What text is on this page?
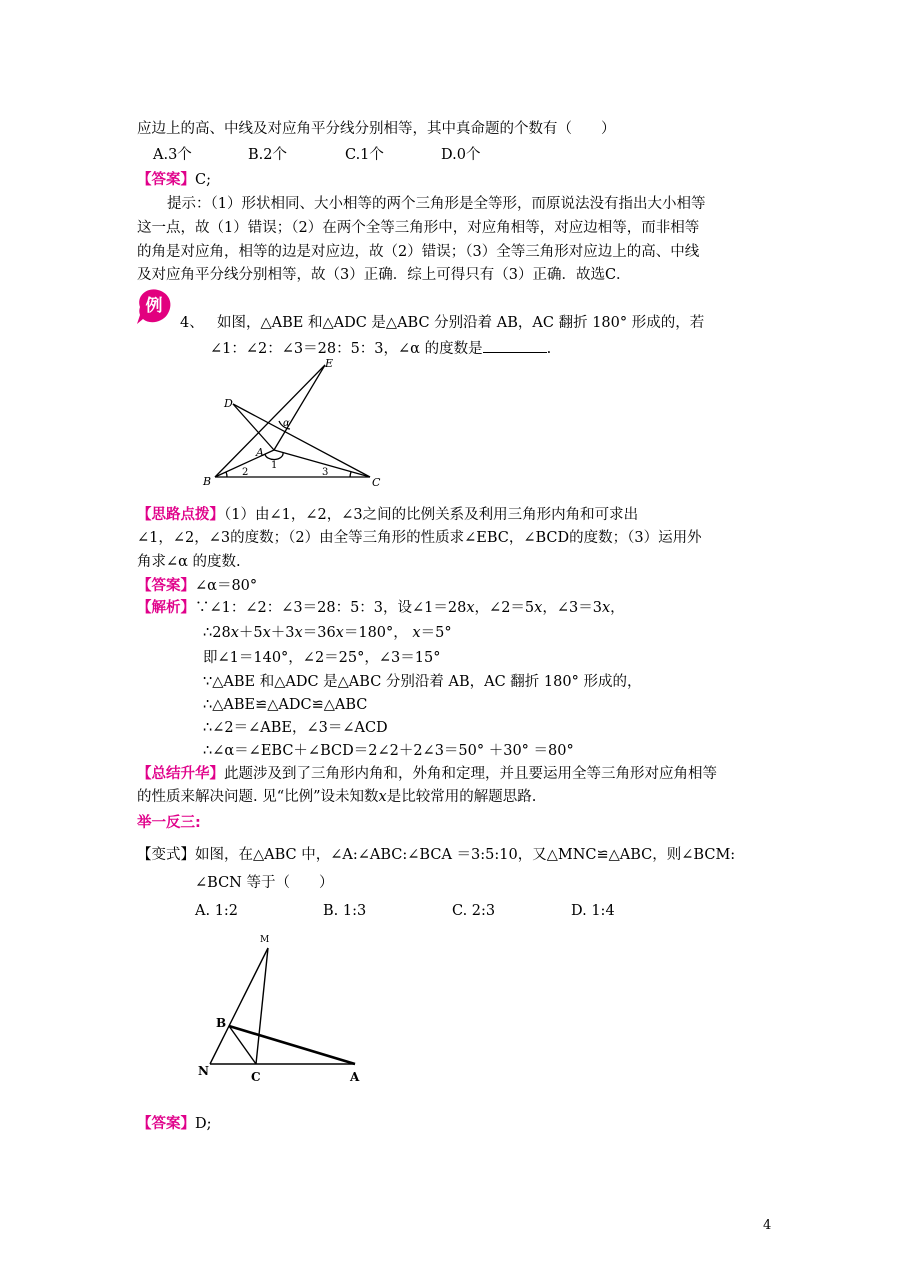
应边上的高、中线及对应角平分线分别相等，其中真命题的个数有（　　）
A.3个	B.2个	C.1个	D.0个
【答案】C;
提示：（1）形状相同、大小相等的两个三角形是全等形，而原说法没有指出大小相等
这一点，故（1）错误；（2）在两个全等三角形中，对应角相等，对应边相等，而非相等
的角是对应角，相等的边是对应边，故（2）错误；（3）全等三角形对应边上的高、中线
及对应角平分线分别相等，故（3）正确．综上可得只有（3）正确．故选C．
例
4、 如图，△ABE 和△ADC 是△ABC 分别沿着 AB，AC 翻折 180° 形成的，若
∠1：∠2：∠3＝28：5：3，∠α 的度数是	.
E
D
A
B	C
1
2	3
α
【思路点拨】（1）由∠1，∠2，∠3之间的比例关系及利用三角形内角和可求出
∠1，∠2，∠3的度数；（2）由全等三角形的性质求∠EBC，∠BCD的度数；（3）运用外
角求∠α 的度数.
【答案】∠α＝80°
【解析】∵∠1：∠2：∠3＝28：5：3，设∠1＝28x，∠2＝5x，∠3＝3x，
∴28x＋5x＋3x＝36x＝180°， x＝5°
即∠1＝140°，∠2＝25°，∠3＝15°
∵△ABE 和△ADC 是△ABC 分别沿着 AB，AC 翻折 180° 形成的，
∴△ABE≌△ADC≌△ABC
∴∠2＝∠ABE，∠3＝∠ACD
∴∠α＝∠EBC＋∠BCD＝2∠2＋2∠3＝50° ＋30° ＝80°
【总结升华】此题涉及到了三角形内角和，外角和定理，并且要运用全等三角形对应角相等
的性质来解决问题. 见“比例”设未知数x是比较常用的解题思路.
举一反三:
【变式】如图，在△ABC 中，∠A:∠ABC:∠BCA ＝3:5:10，又△MNC≌△ABC，则∠BCM:
∠BCN 等于（　　）
A. 1:2	B. 1:3	C. 2:3	D. 1:4
M
B
N	C	A
【答案】D;
4
